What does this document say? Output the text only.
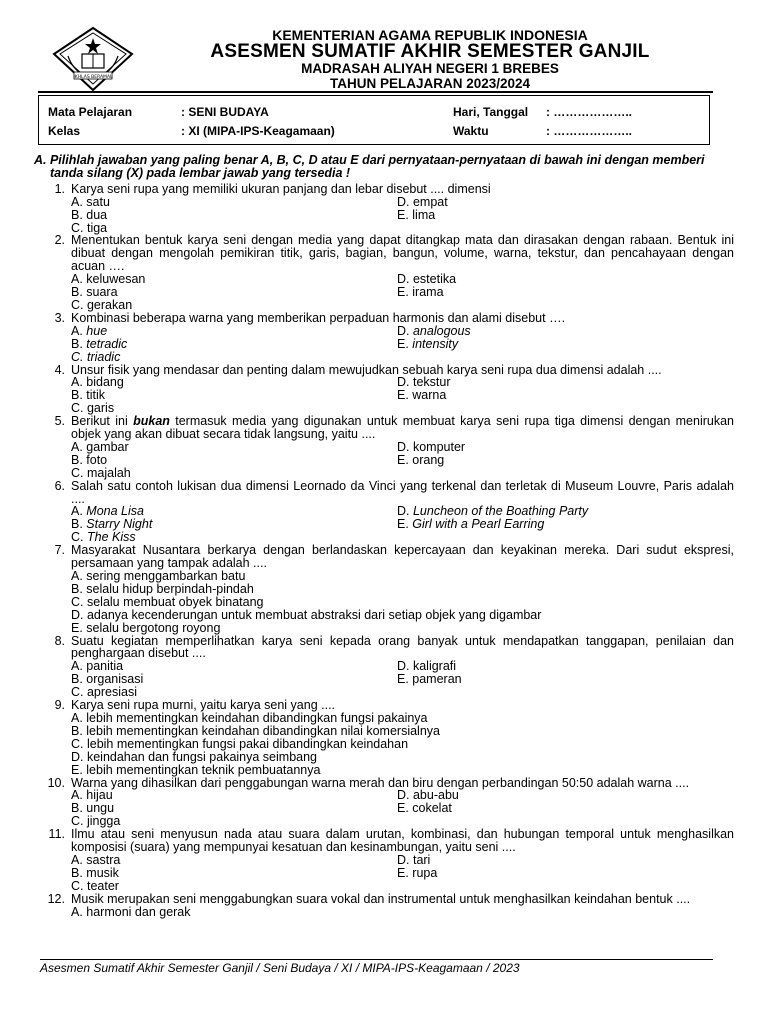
IKHLAS BERAMAL
KEMENTERIAN AGAMA REPUBLIK INDONESIA
ASESMEN SUMATIF AKHIR SEMESTER GANJIL
MADRASAH ALIYAH NEGERI 1 BREBES
TAHUN PELAJARAN 2023/2024
Mata Pelajaran	: SENI BUDAYA	Hari, Tanggal : ………………..
Kelas	: XI (MIPA-IPS-Keagamaan)	Waktu	: ………………..
A. Pilihlah jawaban yang paling benar A, B, C, D atau E dari pernyataan-pernyataan di bawah ini dengan memberi tanda silang (X) pada lembar jawab yang tersedia !
1. Karya seni rupa yang memiliki ukuran panjang dan lebar disebut .... dimensi
A. satu	D. empat
B. dua	E. lima
C. tiga
2. Menentukan bentuk karya seni dengan media yang dapat ditangkap mata dan dirasakan dengan rabaan. Bentuk ini dibuat dengan mengolah pemikiran titik, garis, bagian, bangun, volume, warna, tekstur, dan pencahayaan dengan acuan ….
A. keluwesan	D. estetika
B. suara	E. irama
C. gerakan
3. Kombinasi beberapa warna yang memberikan perpaduan harmonis dan alami disebut ….
A. hue	D. analogous
B. tetradic	E. intensity
C. triadic
4. Unsur fisik yang mendasar dan penting dalam mewujudkan sebuah karya seni rupa dua dimensi adalah ....
A. bidang	D. tekstur
B. titik	E. warna
C. garis
5. Berikut ini bukan termasuk media yang digunakan untuk membuat karya seni rupa tiga dimensi dengan menirukan objek yang akan dibuat secara tidak langsung, yaitu ....
A. gambar	D. komputer
B. foto	E. orang
C. majalah
6. Salah satu contoh lukisan dua dimensi Leornado da Vinci yang terkenal dan terletak di Museum Louvre, Paris adalah ....
A. Mona Lisa	D. Luncheon of the Boathing Party
B. Starry Night	E. Girl with a Pearl Earring
C. The Kiss
7. Masyarakat Nusantara berkarya dengan berlandaskan kepercayaan dan keyakinan mereka. Dari sudut ekspresi, persamaan yang tampak adalah ....
A. sering menggambarkan batu
B. selalu hidup berpindah-pindah
C. selalu membuat obyek binatang
D. adanya kecenderungan untuk membuat abstraksi dari setiap objek yang digambar
E. selalu bergotong royong
8. Suatu kegiatan memperlihatkan karya seni kepada orang banyak untuk mendapatkan tanggapan, penilaian dan penghargaan disebut ....
A. panitia	D. kaligrafi
B. organisasi	E. pameran
C. apresiasi
9. Karya seni rupa murni, yaitu karya seni yang ....
A. lebih mementingkan keindahan dibandingkan fungsi pakainya
B. lebih mementingkan keindahan dibandingkan nilai komersialnya
C. lebih mementingkan fungsi pakai dibandingkan keindahan
D. keindahan dan fungsi pakainya seimbang
E. lebih mementingkan teknik pembuatannya
10. Warna yang dihasilkan dari penggabungan warna merah dan biru dengan perbandingan 50:50 adalah warna ....
A. hijau	D. abu-abu
B. ungu	E. cokelat
C. jingga
11. Ilmu atau seni menyusun nada atau suara dalam urutan, kombinasi, dan hubungan temporal untuk menghasilkan komposisi (suara) yang mempunyai kesatuan dan kesinambungan, yaitu seni ....
A. sastra	D. tari
B. musik	E. rupa
C. teater
12. Musik merupakan seni menggabungkan suara vokal dan instrumental untuk menghasilkan keindahan bentuk ....
A. harmoni dan gerak
Asesmen Sumatif Akhir Semester Ganjil / Seni Budaya / XI / MIPA-IPS-Keagamaan / 2023
